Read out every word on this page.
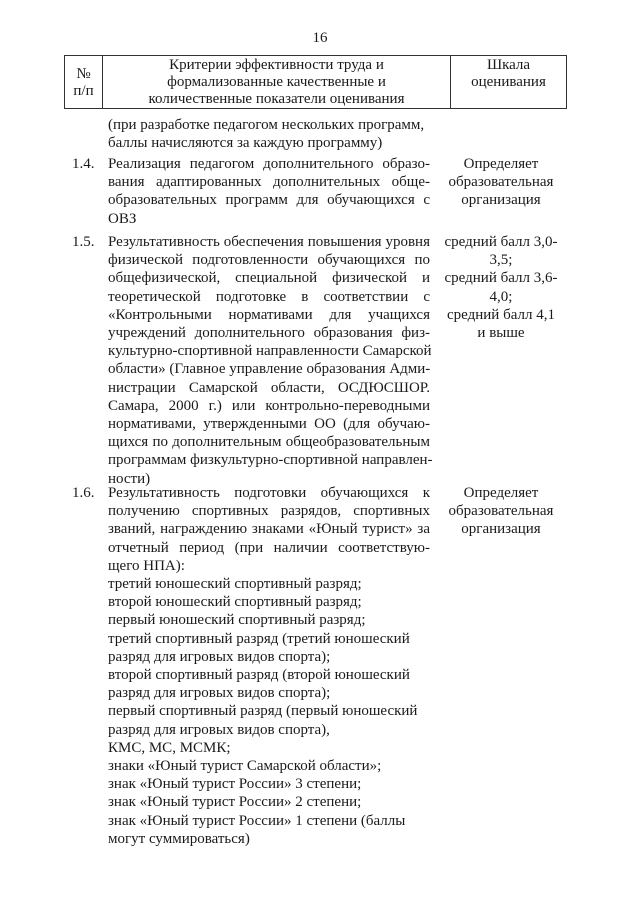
16
№
п/п
Критерии эффективности труда и
формализованные качественные и
количественные показатели оценивания
Шкала
оценивания
(при разработке педагогом нескольких программ,
баллы начисляются за каждую программу)
1.4. Реализация педагогом дополнительного образо-
вания адаптированных дополнительных обще-
образовательных программ для обучающихся с
ОВЗ
Определяет
образовательная
организация
1.5. Результативность обеспечения повышения уровня
физической подготовленности обучающихся по
общефизической, специальной физической и
теоретической подготовке в соответствии с
«Контрольными нормативами для учащихся
учреждений дополнительного образования физ-
культурно-спортивной направленности Самарской
области» (Главное управление образования Адми-
нистрации Самарской области, ОСДЮСШОР.
Самара, 2000 г.) или контрольно-переводными
нормативами, утвержденными ОО (для обучаю-
щихся по дополнительным общеобразовательным
программам физкультурно-спортивной направлен-
ности)
средний балл 3,0-
3,5;
средний балл 3,6-
4,0;
средний балл 4,1
и выше
1.6. Результативность подготовки обучающихся к
получению спортивных разрядов, спортивных
званий, награждению знаками «Юный турист» за
отчетный период (при наличии соответствую-
щего НПА):
третий юношеский спортивный разряд;
второй юношеский спортивный разряд;
первый юношеский спортивный разряд;
третий спортивный разряд (третий юношеский
разряд для игровых видов спорта);
второй спортивный разряд (второй юношеский
разряд для игровых видов спорта);
первый спортивный разряд (первый юношеский
разряд для игровых видов спорта),
КМС, МС, МСМК;
знаки «Юный турист Самарской области»;
знак «Юный турист России» 3 степени;
знак «Юный турист России» 2 степени;
знак «Юный турист России» 1 степени (баллы
могут суммироваться)
Определяет
образовательная
организация
